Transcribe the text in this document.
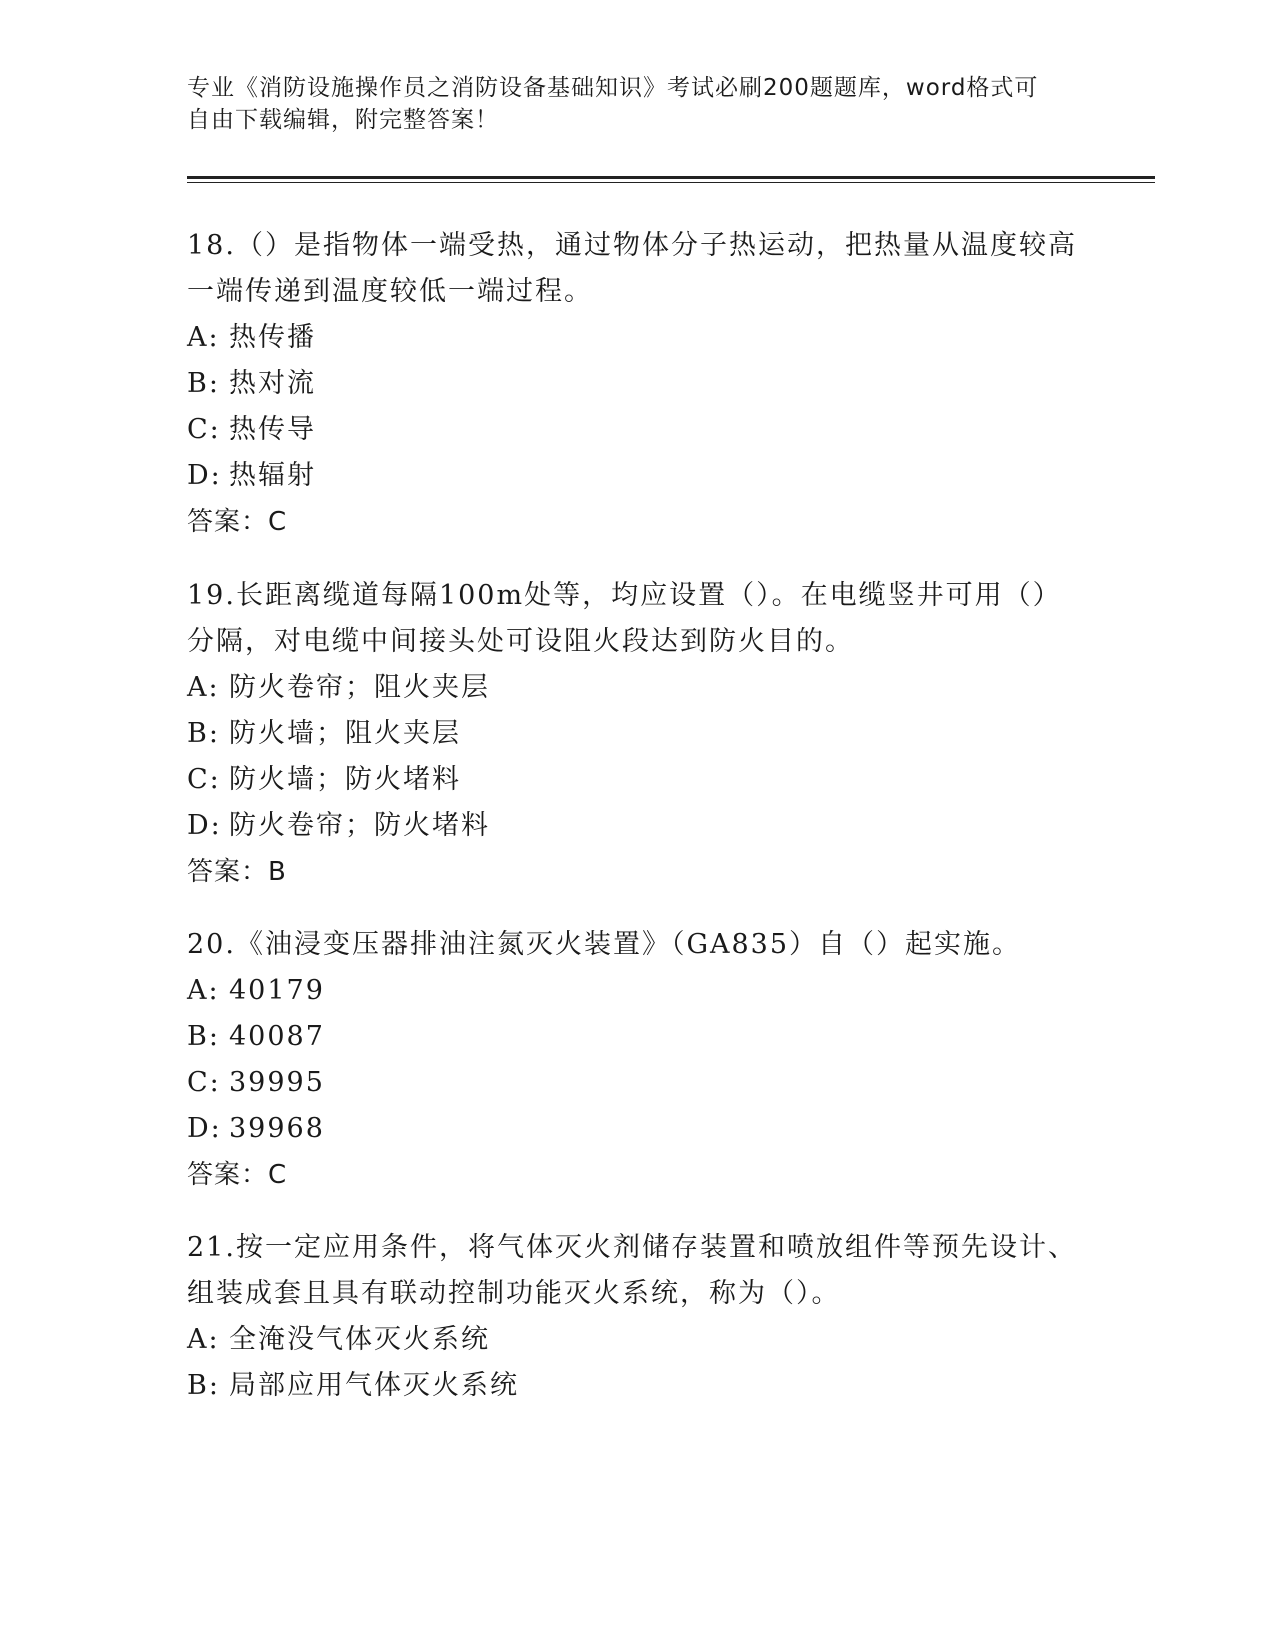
专业《消防设施操作员之消防设备基础知识》考试必刷200题题库，word格式可
自由下载编辑，附完整答案！

18.（）是指物体一端受热，通过物体分子热运动，把热量从温度较高
一端传递到温度较低一端过程。

A: 热传播
B: 热对流
C: 热传导
D: 热辐射
答案：C

19.长距离缆道每隔100m处等，均应设置（）。在电缆竖井可用（）
分隔，对电缆中间接头处可设阻火段达到防火目的。

A: 防火卷帘；阻火夹层
B: 防火墙；阻火夹层
C: 防火墙；防火堵料
D: 防火卷帘；防火堵料
答案：B

20.《油浸变压器排油注氮灭火装置》（GA835）自（）起实施。

A: 40179
B: 40087
C: 39995
D: 39968
答案：C

21.按一定应用条件，将气体灭火剂储存装置和喷放组件等预先设计、
组装成套且具有联动控制功能灭火系统，称为（）。

A: 全淹没气体灭火系统
B: 局部应用气体灭火系统
